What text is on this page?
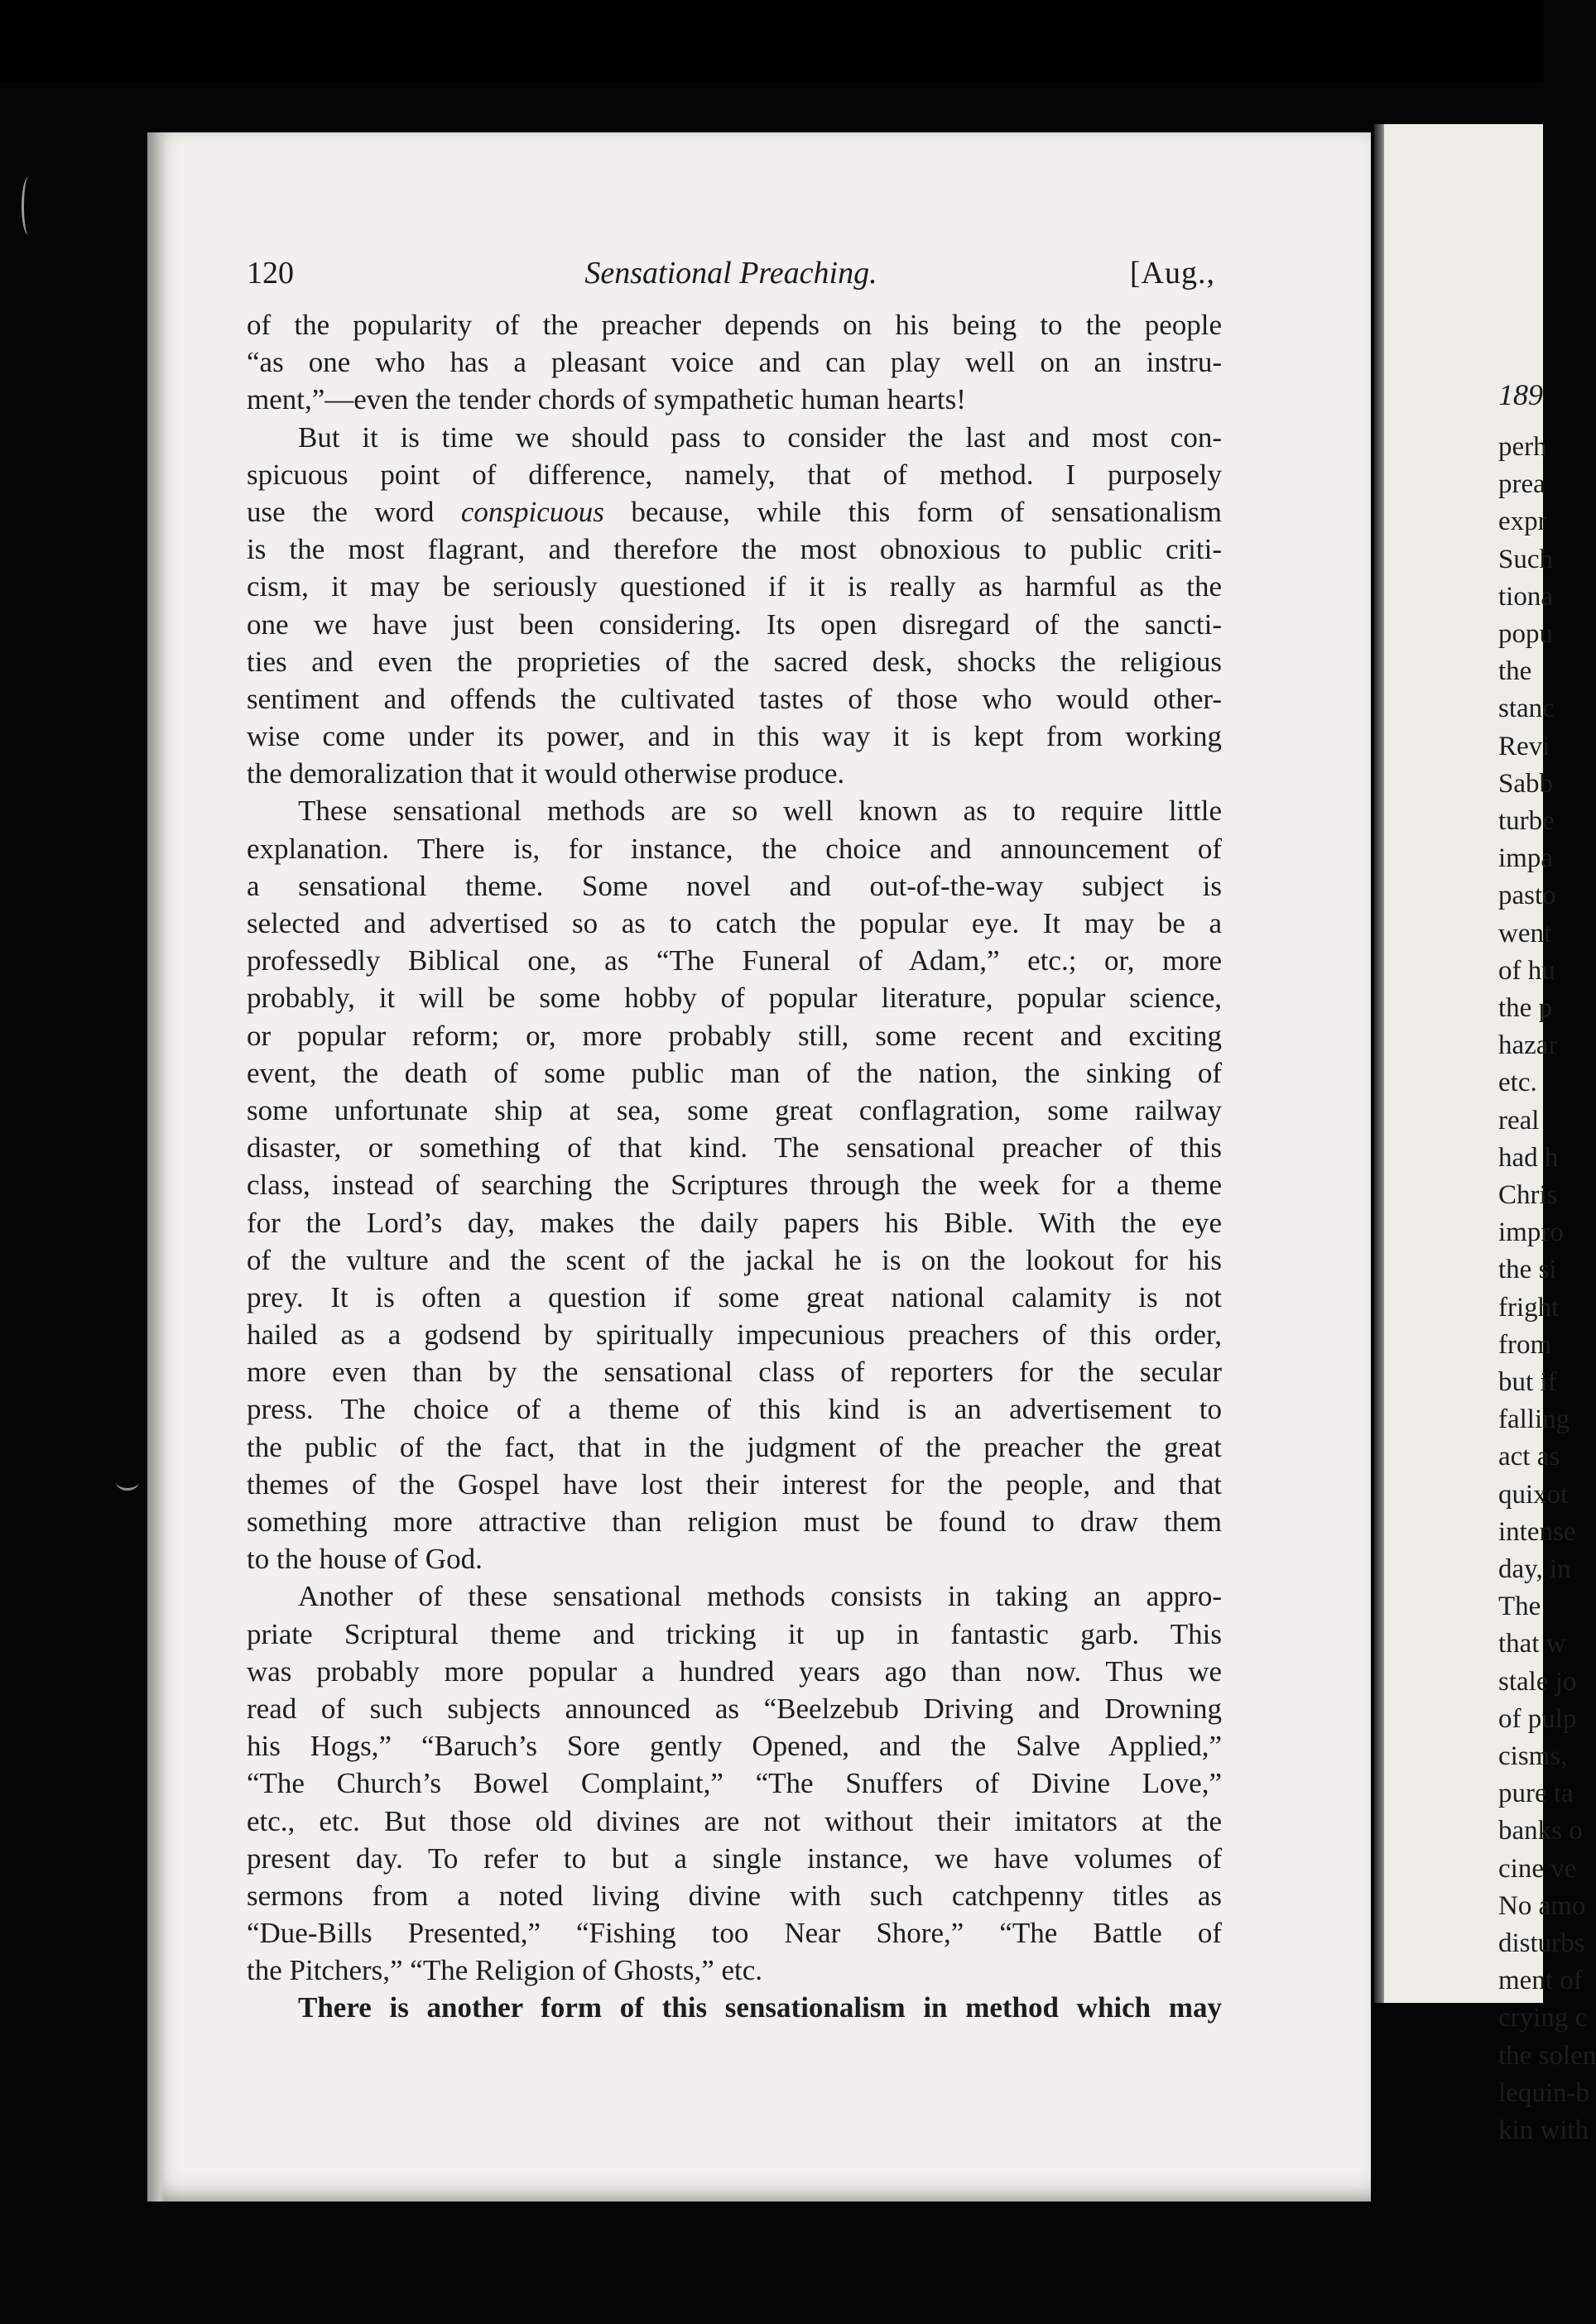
189
perh
prea
expr
Such
tiona
popu
the
stanc
Revi
Sabb
turbe
impa
pasto
went
of hu
the p
hazar
etc.
real
had h
Chris
impro
the si
fright
from
but if
falling
act as
quixot
intense
day, in
The
that w
stale jo
of pulp
cisms,
pure ta
banks o
cine ve
No amo
disturbs
ment of
crying c
the solen
lequin-b
kin with
120	Sensational Preaching.	[Aug.,
of the popularity of the preacher depends on his being to the people
“as one who has a pleasant voice and can play well on an instru-
ment,”—even the tender chords of sympathetic human hearts!
But it is time we should pass to consider the last and most con-
spicuous point of difference, namely, that of method. I purposely
use the word conspicuous because, while this form of sensationalism
is the most flagrant, and therefore the most obnoxious to public criti-
cism, it may be seriously questioned if it is really as harmful as the
one we have just been considering. Its open disregard of the sancti-
ties and even the proprieties of the sacred desk, shocks the religious
sentiment and offends the cultivated tastes of those who would other-
wise come under its power, and in this way it is kept from working
the demoralization that it would otherwise produce.
These sensational methods are so well known as to require little
explanation. There is, for instance, the choice and announcement of
a sensational theme. Some novel and out-of-the-way subject is
selected and advertised so as to catch the popular eye. It may be a
professedly Biblical one, as “The Funeral of Adam,” etc.; or, more
probably, it will be some hobby of popular literature, popular science,
or popular reform; or, more probably still, some recent and exciting
event, the death of some public man of the nation, the sinking of
some unfortunate ship at sea, some great conflagration, some railway
disaster, or something of that kind. The sensational preacher of this
class, instead of searching the Scriptures through the week for a theme
for the Lord’s day, makes the daily papers his Bible. With the eye
of the vulture and the scent of the jackal he is on the lookout for his
prey. It is often a question if some great national calamity is not
hailed as a godsend by spiritually impecunious preachers of this order,
more even than by the sensational class of reporters for the secular
press. The choice of a theme of this kind is an advertisement to
the public of the fact, that in the judgment of the preacher the great
themes of the Gospel have lost their interest for the people, and that
something more attractive than religion must be found to draw them
to the house of God.
Another of these sensational methods consists in taking an appro-
priate Scriptural theme and tricking it up in fantastic garb. This
was probably more popular a hundred years ago than now. Thus we
read of such subjects announced as “Beelzebub Driving and Drowning
his Hogs,” “Baruch’s Sore gently Opened, and the Salve Applied,”
“The Church’s Bowel Complaint,” “The Snuffers of Divine Love,”
etc., etc. But those old divines are not without their imitators at the
present day. To refer to but a single instance, we have volumes of
sermons from a noted living divine with such catchpenny titles as
“Due-Bills Presented,” “Fishing too Near Shore,” “The Battle of
the Pitchers,” “The Religion of Ghosts,” etc.
There is another form of this sensationalism in method which may
